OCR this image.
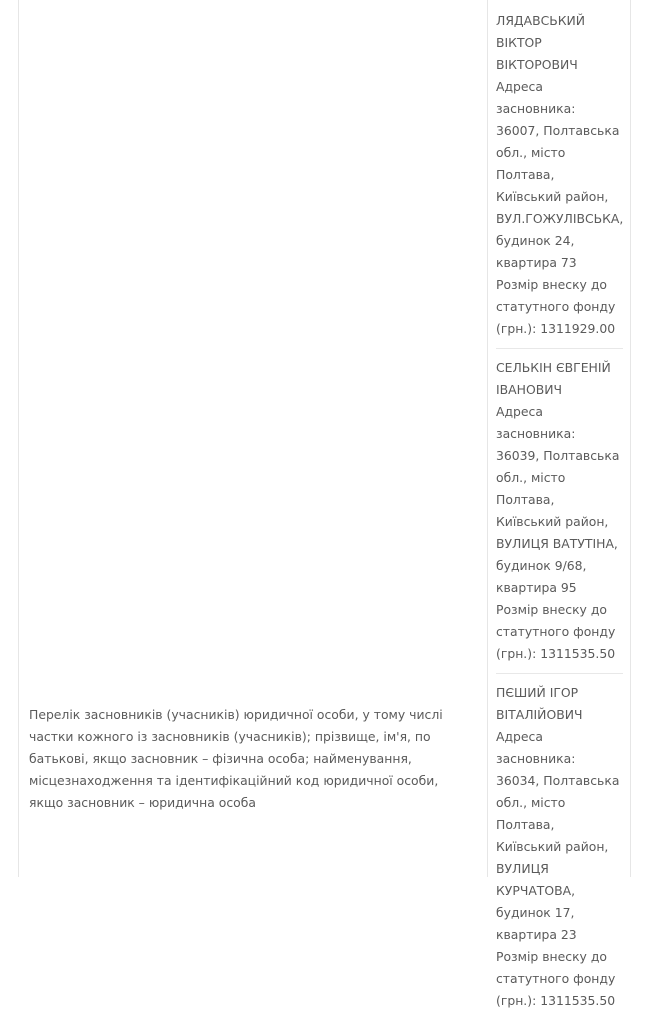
Перелік засновників (учасників) юридичної особи, у тому числі частки кожного із засновників (учасників); прізвище, ім'я, по батькові, якщо засновник – фізична особа; найменування, місцезнаходження та ідентифікаційний код юридичної особи, якщо засновник – юридична особа
ЛЯДАВСЬКИЙ ВІКТОР ВІКТОРОВИЧ
Адреса засновника:
36007, Полтавська обл., місто Полтава, Київський район, ВУЛ.ГОЖУЛІВСЬКА, будинок 24, квартира 73
Розмір внеску до статутного фонду (грн.): 1311929.00
СЕЛЬКІН ЄВГЕНІЙ ІВАНОВИЧ
Адреса засновника:
36039, Полтавська обл., місто Полтава, Київський район, ВУЛИЦЯ ВАТУТІНА, будинок 9/68, квартира 95
Розмір внеску до статутного фонду (грн.): 1311535.50
ПЄШИЙ ІГОР ВІТАЛІЙОВИЧ
Адреса засновника:
36034, Полтавська обл., місто Полтава, Київський район, ВУЛИЦЯ КУРЧАТОВА, будинок 17, квартира 23
Розмір внеску до статутного фонду (грн.): 1311535.50
